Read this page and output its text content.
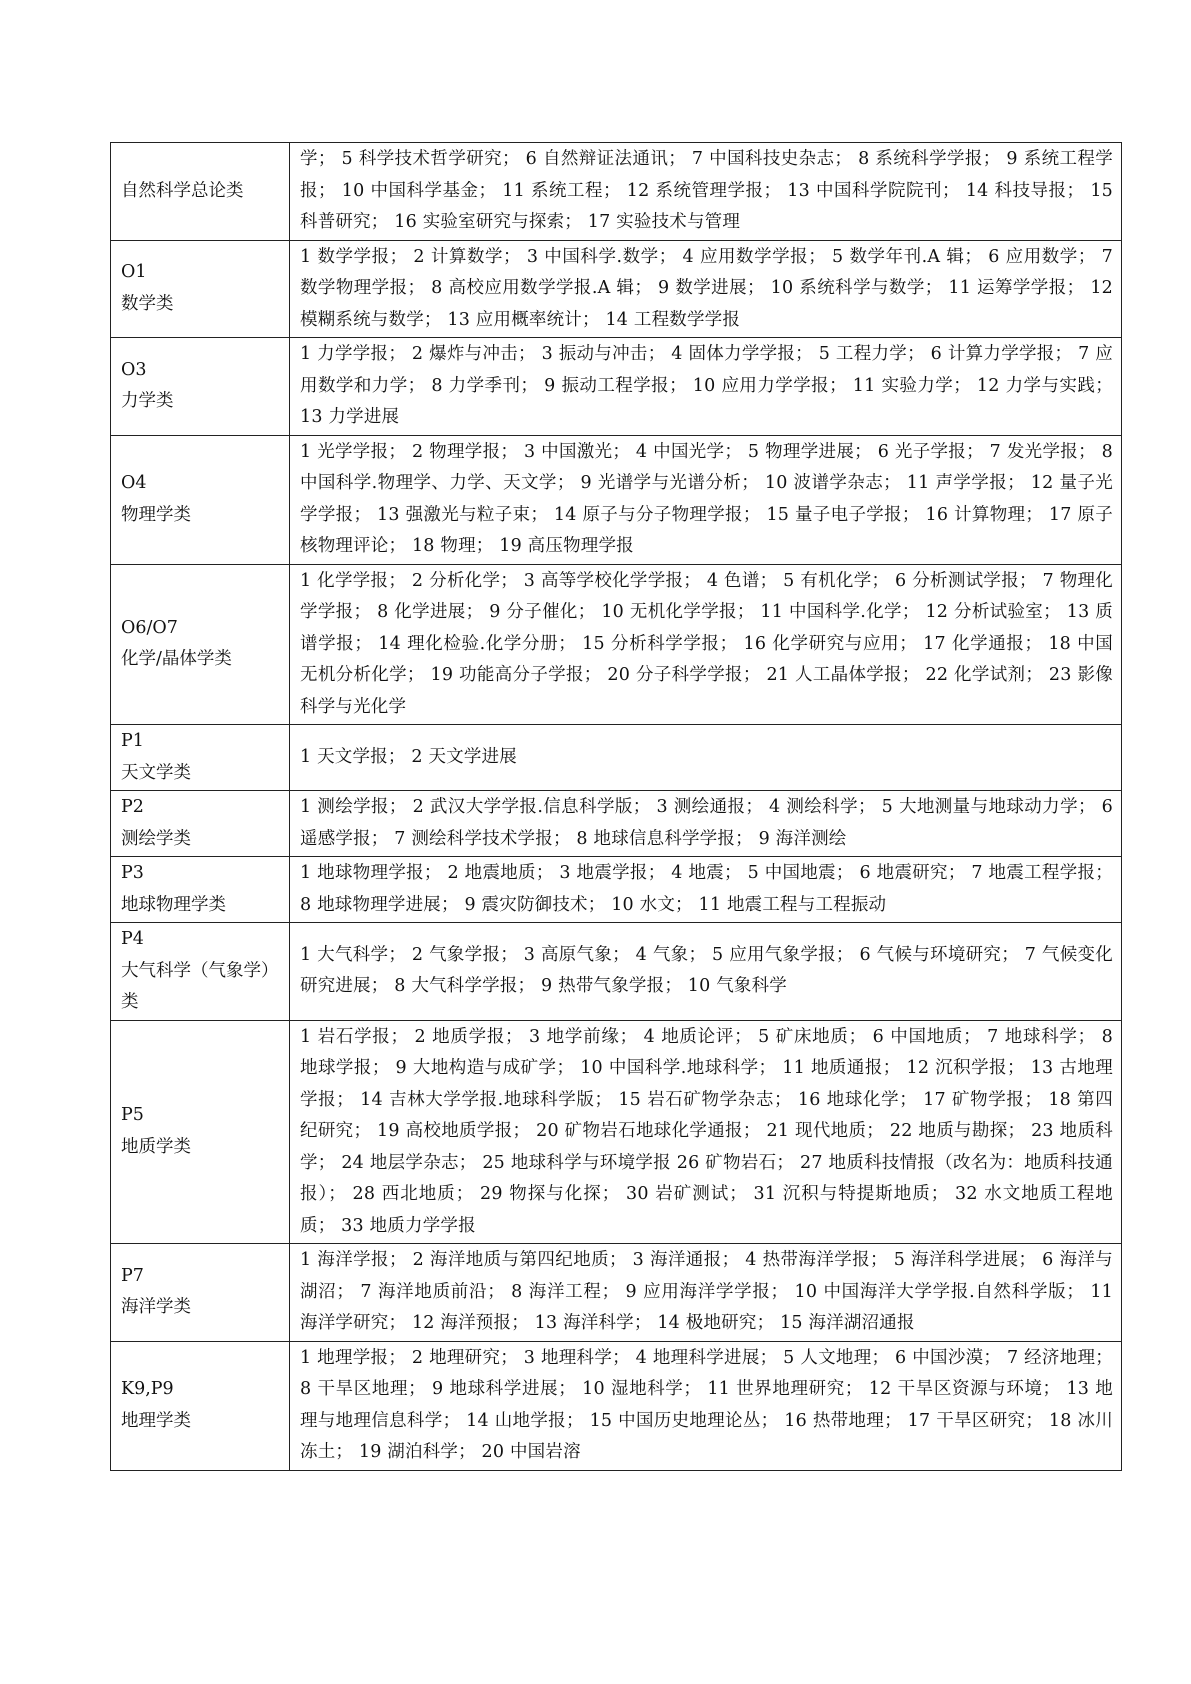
自然科学总论类	学； 5 科学技术哲学研究； 6 自然辩证法通讯； 7 中国科技史杂志； 8 系统科学学报； 9 系统工程学报； 10 中国科学基金； 11 系统工程； 12 系统管理学报； 13 中国科学院院刊； 14 科技导报； 15 科普研究； 16 实验室研究与探索； 17 实验技术与管理

O1
数学类	1 数学学报； 2 计算数学； 3 中国科学.数学； 4 应用数学学报； 5 数学年刊.A 辑； 6 应用数学； 7 数学物理学报； 8 高校应用数学学报.A 辑； 9 数学进展； 10 系统科学与数学； 11 运筹学学报； 12 模糊系统与数学； 13 应用概率统计； 14 工程数学学报

O3
力学类	1 力学学报； 2 爆炸与冲击； 3 振动与冲击； 4 固体力学学报； 5 工程力学； 6 计算力学学报； 7 应用数学和力学； 8 力学季刊； 9 振动工程学报； 10 应用力学学报； 11 实验力学； 12 力学与实践； 13 力学进展

O4
物理学类	1 光学学报； 2 物理学报； 3 中国激光； 4 中国光学； 5 物理学进展； 6 光子学报； 7 发光学报； 8 中国科学.物理学、力学、天文学； 9 光谱学与光谱分析； 10 波谱学杂志； 11 声学学报； 12 量子光学学报； 13 强激光与粒子束； 14 原子与分子物理学报； 15 量子电子学报； 16 计算物理； 17 原子核物理评论； 18 物理； 19 高压物理学报

O6/O7
化学/晶体学类	1 化学学报； 2 分析化学； 3 高等学校化学学报； 4 色谱； 5 有机化学； 6 分析测试学报； 7 物理化学学报； 8 化学进展； 9 分子催化； 10 无机化学学报； 11 中国科学.化学； 12 分析试验室； 13 质谱学报； 14 理化检验.化学分册； 15 分析科学学报； 16 化学研究与应用； 17 化学通报； 18 中国无机分析化学； 19 功能高分子学报； 20 分子科学学报； 21 人工晶体学报； 22 化学试剂； 23 影像科学与光化学

P1
天文学类	1 天文学报； 2 天文学进展

P2
测绘学类	1 测绘学报； 2 武汉大学学报.信息科学版； 3 测绘通报； 4 测绘科学； 5 大地测量与地球动力学； 6 遥感学报； 7 测绘科学技术学报； 8 地球信息科学学报； 9 海洋测绘

P3
地球物理学类	1 地球物理学报； 2 地震地质； 3 地震学报； 4 地震； 5 中国地震； 6 地震研究； 7 地震工程学报； 8 地球物理学进展； 9 震灾防御技术； 10 水文； 11 地震工程与工程振动

P4
大气科学（气象学）类	1 大气科学； 2 气象学报； 3 高原气象； 4 气象； 5 应用气象学报； 6 气候与环境研究； 7 气候变化研究进展； 8 大气科学学报； 9 热带气象学报； 10 气象科学

P5
地质学类	1 岩石学报； 2 地质学报； 3 地学前缘； 4 地质论评； 5 矿床地质； 6 中国地质； 7 地球科学； 8 地球学报； 9 大地构造与成矿学； 10 中国科学.地球科学； 11 地质通报； 12 沉积学报； 13 古地理学报； 14 吉林大学学报.地球科学版； 15 岩石矿物学杂志； 16 地球化学； 17 矿物学报； 18 第四纪研究； 19 高校地质学报； 20 矿物岩石地球化学通报； 21 现代地质； 22 地质与勘探； 23 地质科学； 24 地层学杂志； 25 地球科学与环境学报 26 矿物岩石； 27 地质科技情报（改名为：地质科技通报）； 28 西北地质； 29 物探与化探； 30 岩矿测试； 31 沉积与特提斯地质； 32 水文地质工程地质； 33 地质力学学报

P7
海洋学类	1 海洋学报； 2 海洋地质与第四纪地质； 3 海洋通报； 4 热带海洋学报； 5 海洋科学进展； 6 海洋与湖沼； 7 海洋地质前沿； 8 海洋工程； 9 应用海洋学学报； 10 中国海洋大学学报.自然科学版； 11 海洋学研究； 12 海洋预报； 13 海洋科学； 14 极地研究； 15 海洋湖沼通报

K9,P9
地理学类	1 地理学报； 2 地理研究； 3 地理科学； 4 地理科学进展； 5 人文地理； 6 中国沙漠； 7 经济地理； 8 干旱区地理； 9 地球科学进展； 10 湿地科学； 11 世界地理研究； 12 干旱区资源与环境； 13 地理与地理信息科学； 14 山地学报； 15 中国历史地理论丛； 16 热带地理； 17 干旱区研究； 18 冰川冻土； 19 湖泊科学； 20 中国岩溶
